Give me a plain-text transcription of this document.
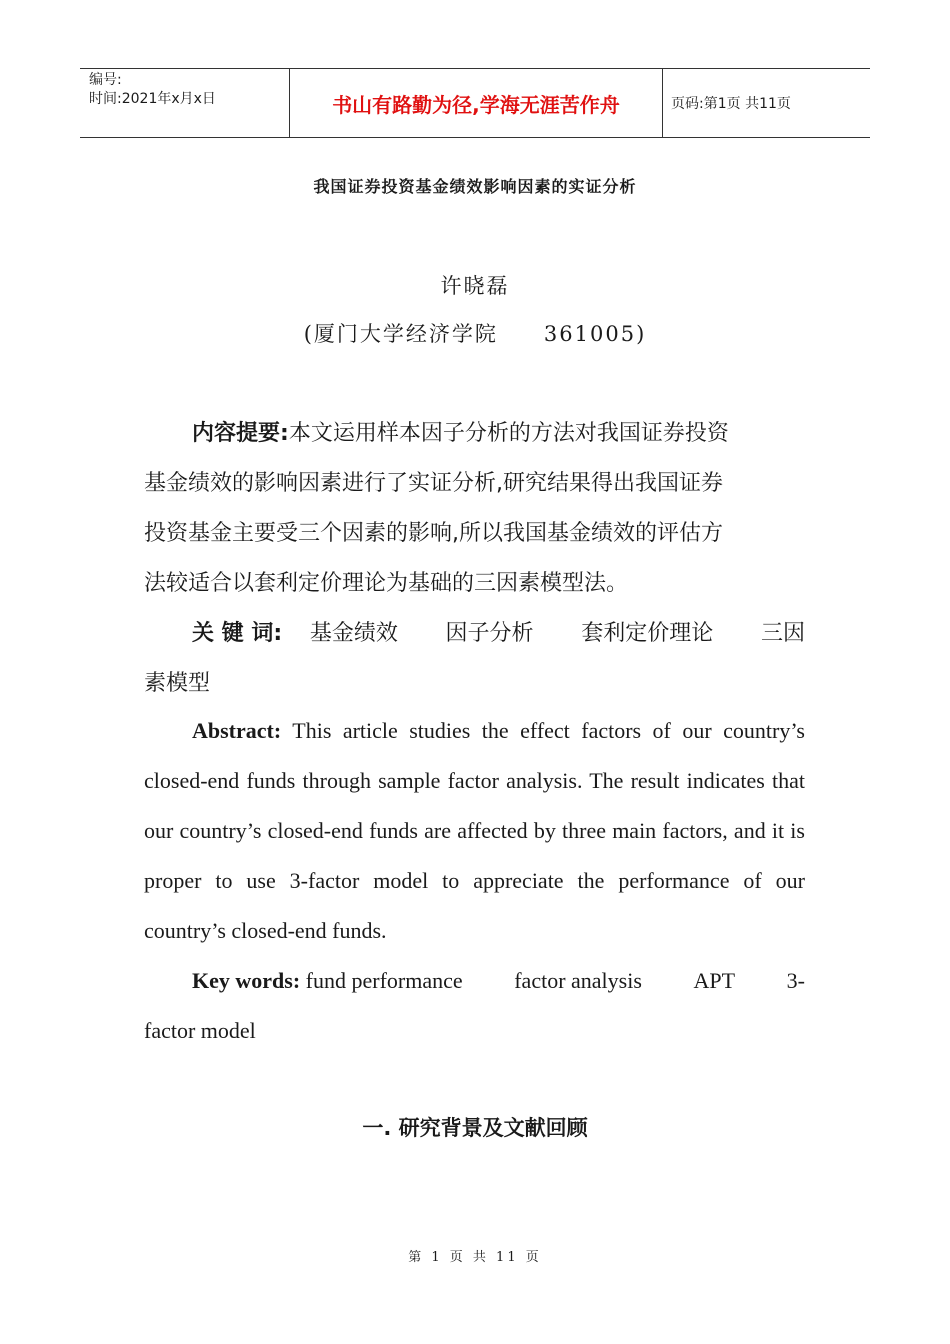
编号:
时间:2021年x月x日	书山有路勤为径,学海无涯苦作舟	页码:第1页 共11页
我国证券投资基金绩效影响因素的实证分析
许晓磊
(厦门大学经济学院　　361005)

内容提要:本文运用样本因子分析的方法对我国证券投资

基金绩效的影响因素进行了实证分析,研究结果得出我国证券

投资基金主要受三个因素的影响,所以我国基金绩效的评估方

法较适合以套利定价理论为基础的三因素模型法。

关 键 词: 基金绩效 因子分析 套利定价理论 三因

素模型

Abstract: This article studies the effect factors of our country’s closed-end funds through sample factor analysis. The result indicates that our country’s closed-end funds are affected by three main factors, and it is proper to use 3-factor model to appreciate the performance of our country’s closed-end funds.

Key words: fund performance factor analysis APT 3-

factor model

一. 研究背景及文献回顾
第 1 页 共 11 页
